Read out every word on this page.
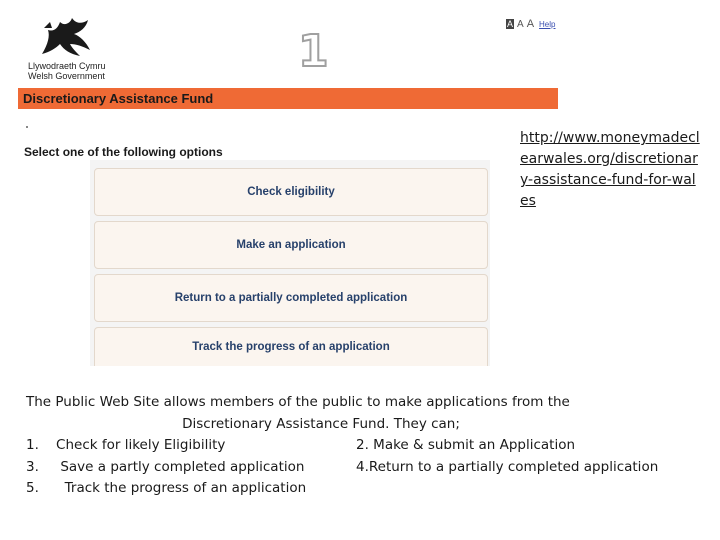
Llywodraeth Cymru
Welsh Government	1
A A A Help
Discretionary Assistance Fund
Select one of the following options
Check eligibility
Make an application
Return to a partially completed application
Track the progress of an application
http://www.moneymadeclearwales.org/discretionary-assistance-fund-for-wales
The Public Web Site allows members of the public to make applications from the
Discretionary Assistance Fund. They can;
1.    Check for likely Eligibility	2. Make & submit an Application
3.     Save a partly completed application	4.Return to a partially completed application
5.      Track the progress of an application
